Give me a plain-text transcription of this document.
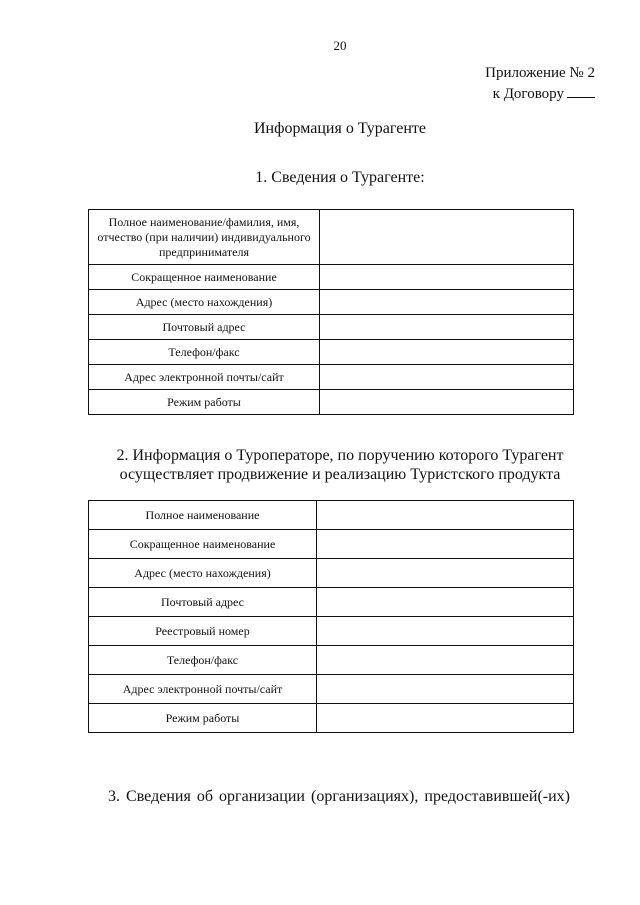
20
Приложение № 2
к Договору
Информация о Турагенте
1. Сведения о Турагенте:
Полное наименование/фамилия, имя, отчество (при наличии) индивидуального предпринимателя	
Сокращенное наименование	
Адрес (место нахождения)	
Почтовый адрес	
Телефон/факс	
Адрес электронной почты/сайт	
Режим работы	
2. Информация о Туроператоре, по поручению которого Турагент
осуществляет продвижение и реализацию Туристского продукта
Полное наименование	
Сокращенное наименование	
Адрес (место нахождения)	
Почтовый адрес	
Реестровый номер	
Телефон/факс	
Адрес электронной почты/сайт	
Режим работы	
3. Сведения об организации (организациях), предоставившей(-их)
